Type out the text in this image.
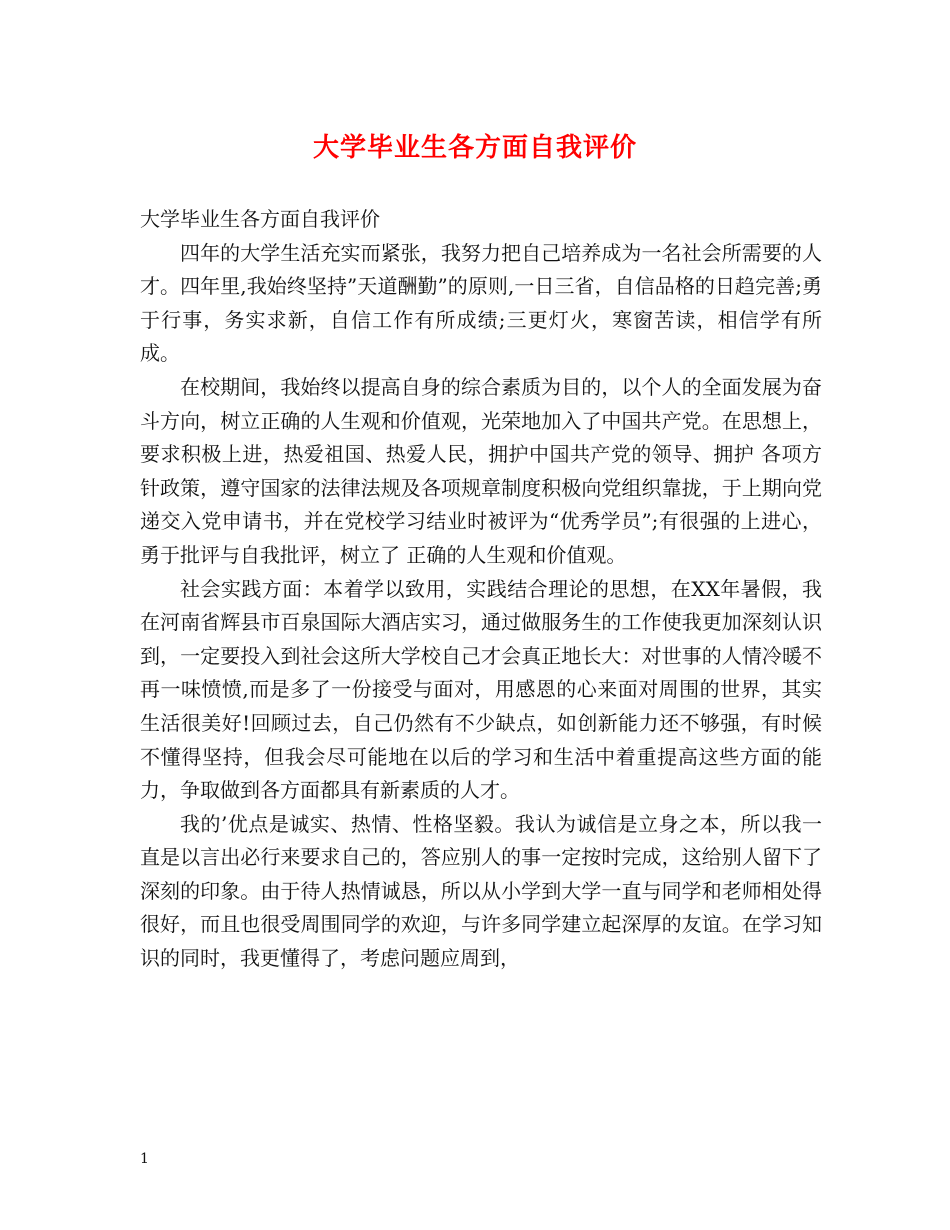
大学毕业生各方面自我评价

大学毕业生各方面自我评价

四年的大学生活充实而紧张，我努力把自己培养成为一名社会所需要的人才。四年里,我始终坚持”天道酬勤”的原则,一日三省，自信品格的日趋完善;勇于行事，务实求新，自信工作有所成绩;三更灯火，寒窗苦读，相信学有所成。

在校期间，我始终以提高自身的综合素质为目的，以个人的全面发展为奋斗方向，树立正确的人生观和价值观，光荣地加入了中国共产党。在思想上，要求积极上进，热爱祖国、热爱人民，拥护中国共产党的领导、拥护 各项方针政策，遵守国家的法律法规及各项规章制度积极向党组织靠拢，于上期向党递交入党申请书，并在党校学习结业时被评为“优秀学员”;有很强的上进心，勇于批评与自我批评，树立了 正确的人生观和价值观。

社会实践方面：本着学以致用，实践结合理论的思想，在XX年暑假，我在河南省辉县市百泉国际大酒店实习，通过做服务生的工作使我更加深刻认识到，一定要投入到社会这所大学校自己才会真正地长大：对世事的人情冷暖不再一味愤愤,而是多了一份接受与面对，用感恩的心来面对周围的世界，其实生活很美好!回顾过去，自己仍然有不少缺点，如创新能力还不够强，有时候不懂得坚持，但我会尽可能地在以后的学习和生活中着重提高这些方面的能力，争取做到各方面都具有新素质的人才。

我的’优点是诚实、热情、性格坚毅。我认为诚信是立身之本，所以我一直是以言出必行来要求自己的，答应别人的事一定按时完成，这给别人留下了深刻的印象。由于待人热情诚恳，所以从小学到大学一直与同学和老师相处得很好，而且也很受周围同学的欢迎，与许多同学建立起深厚的友谊。在学习知识的同时，我更懂得了，考虑问题应周到，

1
